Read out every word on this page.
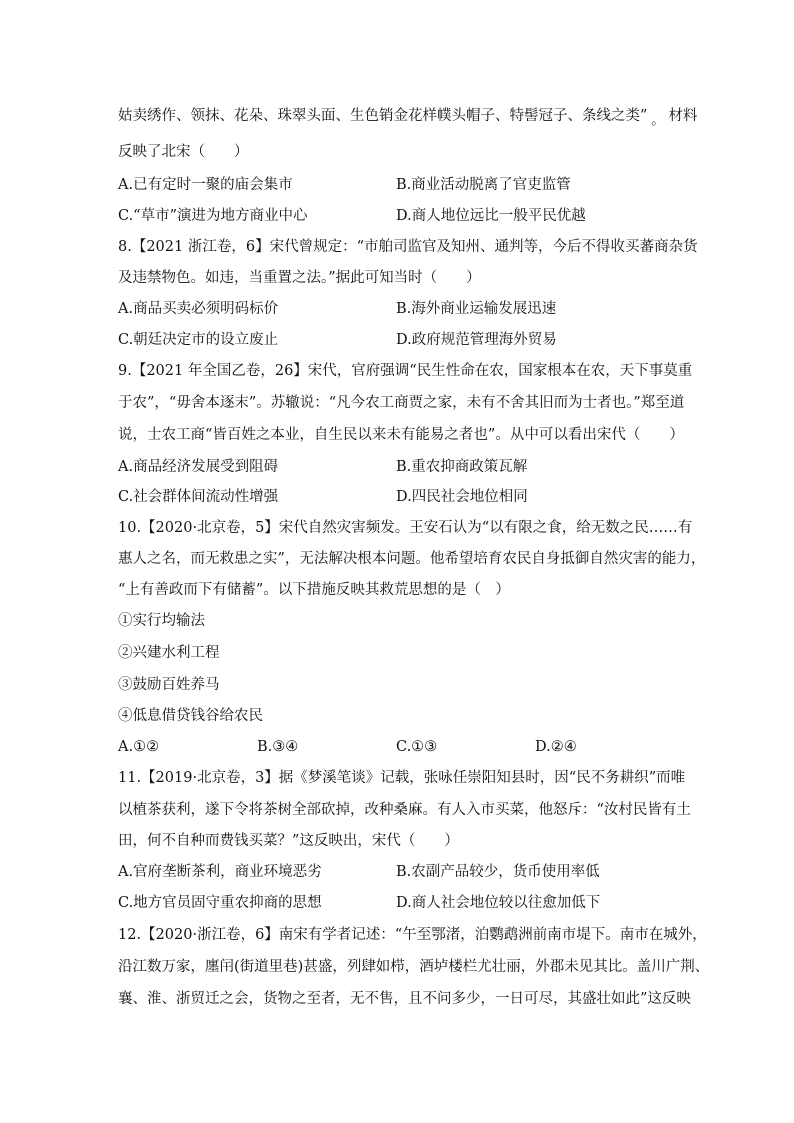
姑卖绣作、领抹、花朵、珠翠头面、生色销金花样幞头帽子、特髻冠子、条线之类” 。 材料
反映了北宋（　　）
A.已有定时一聚的庙会集市	B.商业活动脱离了官吏监管
C.“草市”演进为地方商业中心	D.商人地位远比一般平民优越
8.【2021 浙江卷，6】宋代曾规定：“市舶司监官及知州、通判等，今后不得收买蕃商杂货
及违禁物色。如违，当重置之法。”据此可知当时（　　）
A.商品买卖必须明码标价	B.海外商业运输发展迅速
C.朝廷决定市的设立废止	D.政府规范管理海外贸易
9.【2021 年全国乙卷，26】宋代，官府强调“民生性命在农，国家根本在农，天下事莫重
于农”，“毋舍本逐末”。苏辙说：“凡今农工商贾之家，未有不舍其旧而为士者也。”郑至道
说，士农工商“皆百姓之本业，自生民以来未有能易之者也”。从中可以看出宋代（　　）
A.商品经济发展受到阻碍	B.重农抑商政策瓦解
C.社会群体间流动性增强	D.四民社会地位相同
10.【2020·北京卷，5】宋代自然灾害频发。王安石认为“以有限之食，给无数之民……有
惠人之名，而无救患之实”，无法解决根本问题。他希望培育农民自身抵御自然灾害的能力，
“上有善政而下有储蓄”。以下措施反映其救荒思想的是（　）
①实行均输法
②兴建水利工程
③鼓励百姓养马
④低息借贷钱谷给农民
A.①②	B.③④	C.①③	D.②④
11.【2019·北京卷，3】据《梦溪笔谈》记载，张咏任崇阳知县时，因“民不务耕织”而唯
以植茶获利，遂下令将茶树全部砍掉，改种桑麻。有人入市买菜，他怒斥：“汝村民皆有土
田，何不自种而费钱买菜？”这反映出，宋代（　　）
A.官府垄断茶利，商业环境恶劣	B.农副产品较少，货币使用率低
C.地方官员固守重农抑商的思想	D.商人社会地位较以往愈加低下
12.【2020·浙江卷，6】南宋有学者记述：“午至鄂渚，泊鹦鹉洲前南市堤下。南市在城外，
沿江数万家，廛闬(街道里巷)甚盛，列肆如栉，酒垆楼栏尤壮丽，外郡未见其比。盖川广荆、
襄、淮、浙贸迁之会，货物之至者，无不售，且不问多少，一日可尽，其盛壮如此”这反映
